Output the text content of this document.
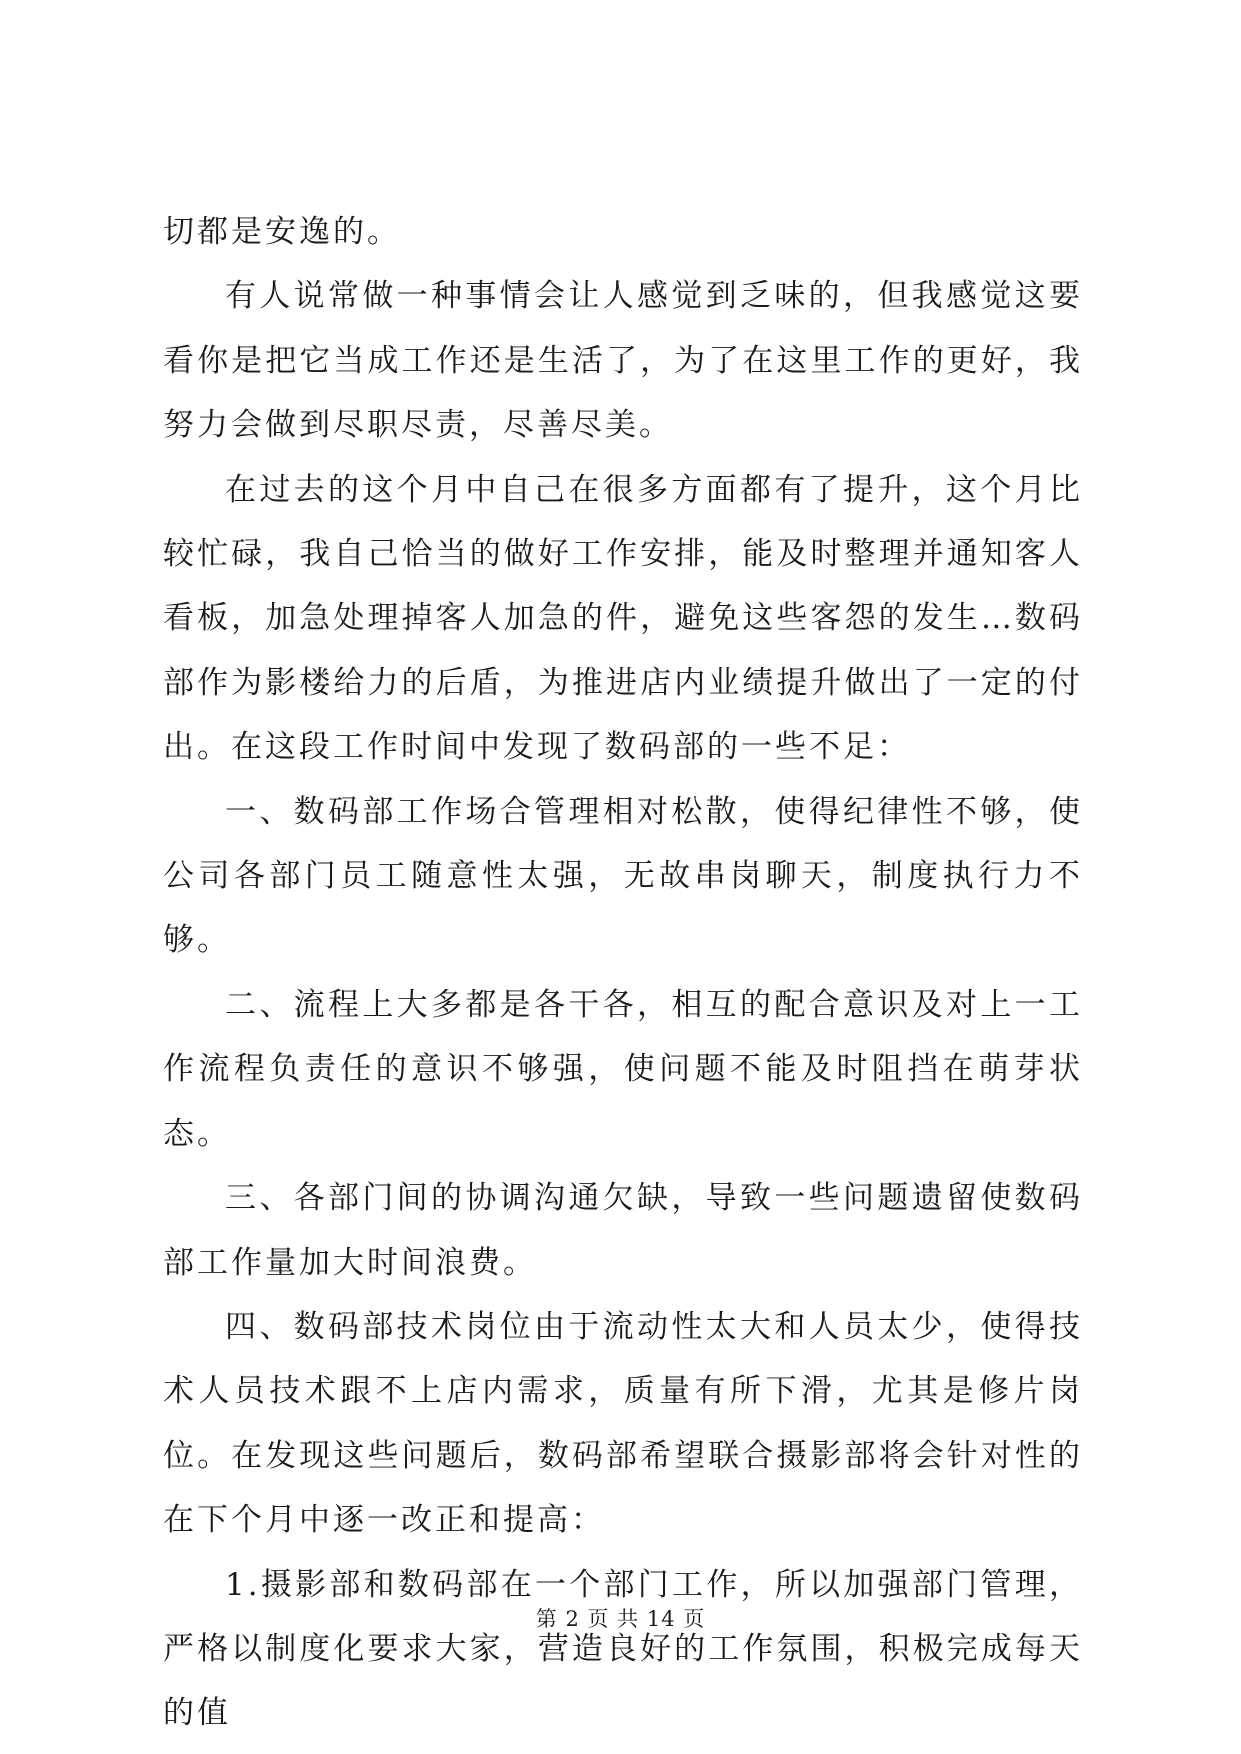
切都是安逸的。

有人说常做一种事情会让人感觉到乏味的，但我感觉这要看你是把它当成工作还是生活了，为了在这里工作的更好，我努力会做到尽职尽责，尽善尽美。

在过去的这个月中自己在很多方面都有了提升，这个月比较忙碌，我自己恰当的做好工作安排，能及时整理并通知客人看板，加急处理掉客人加急的件，避免这些客怨的发生…数码部作为影楼给力的后盾，为推进店内业绩提升做出了一定的付出。在这段工作时间中发现了数码部的一些不足：

一、数码部工作场合管理相对松散，使得纪律性不够，使公司各部门员工随意性太强，无故串岗聊天，制度执行力不够。

二、流程上大多都是各干各，相互的配合意识及对上一工作流程负责任的意识不够强，使问题不能及时阻挡在萌芽状态。

三、各部门间的协调沟通欠缺，导致一些问题遗留使数码部工作量加大时间浪费。

四、数码部技术岗位由于流动性太大和人员太少，使得技术人员技术跟不上店内需求，质量有所下滑，尤其是修片岗位。在发现这些问题后，数码部希望联合摄影部将会针对性的在下个月中逐一改正和提高：

1.摄影部和数码部在一个部门工作，所以加强部门管理，严格以制度化要求大家，营造良好的工作氛围，积极完成每天的值

第 2 页 共 14 页
